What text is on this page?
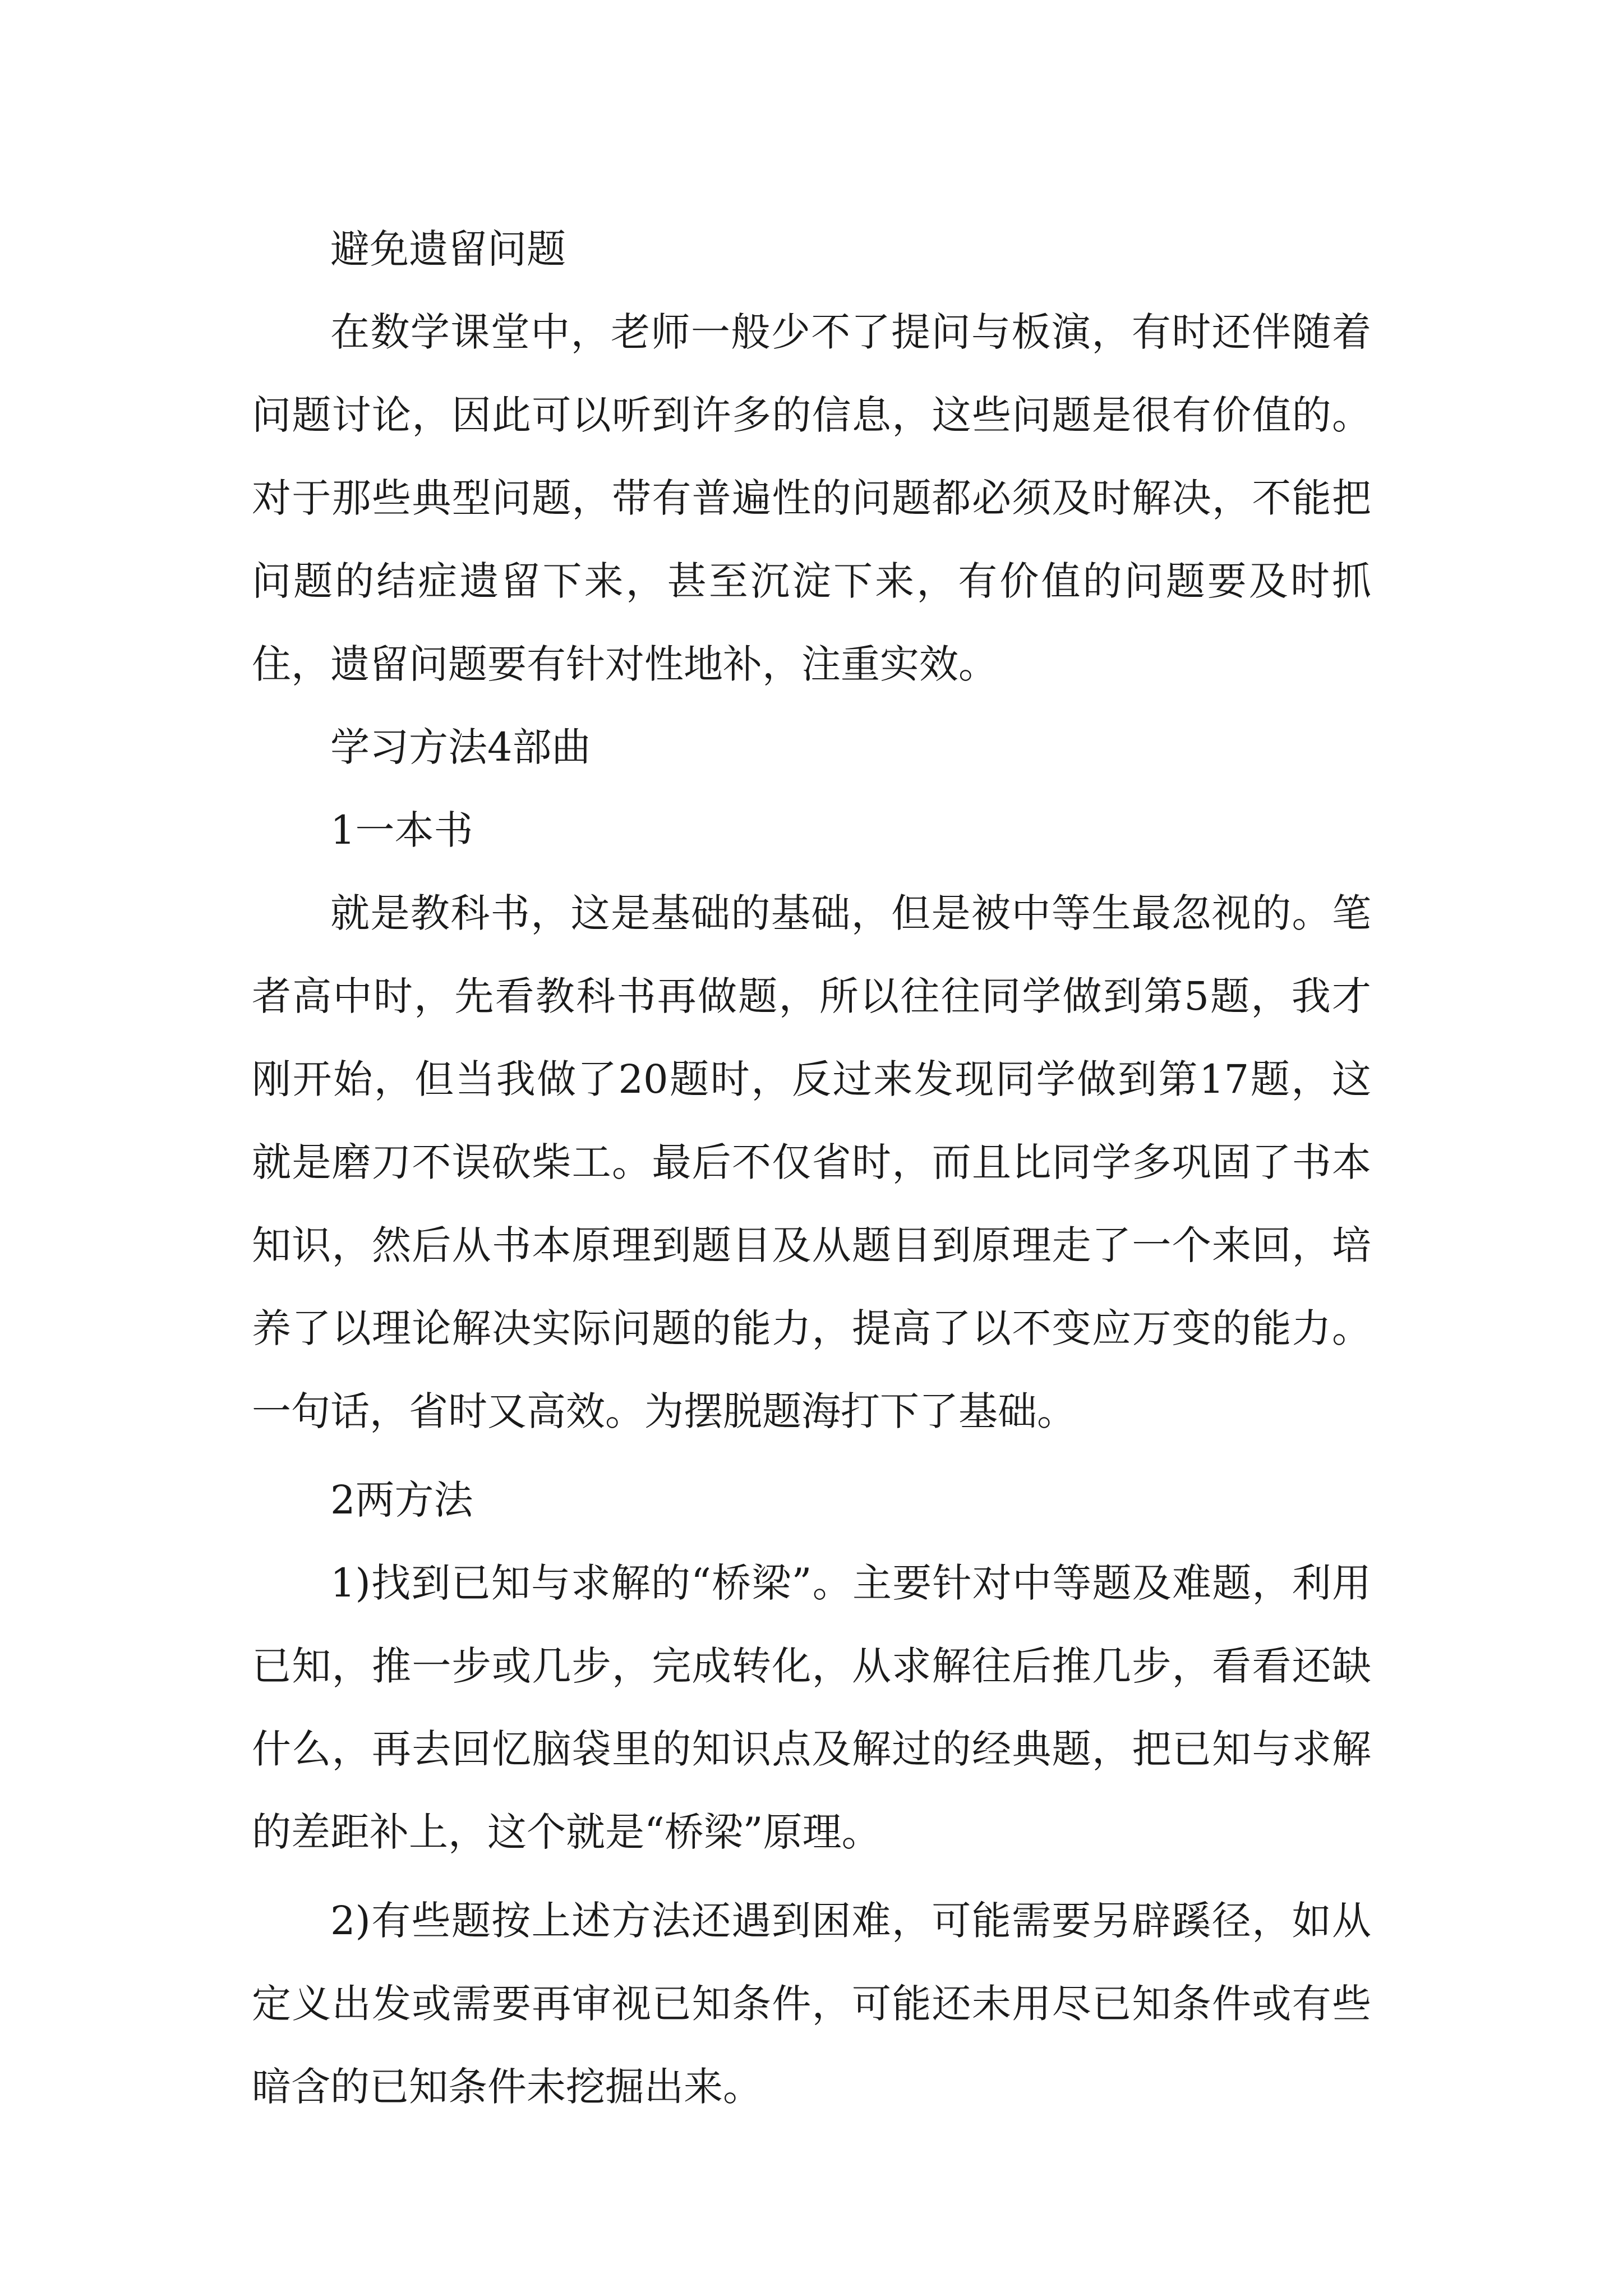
避免遗留问题

在数学课堂中，老师一般少不了提问与板演，有时还伴随着问题讨论，因此可以听到许多的信息，这些问题是很有价值的。对于那些典型问题，带有普遍性的问题都必须及时解决，不能把问题的结症遗留下来，甚至沉淀下来，有价值的问题要及时抓住，遗留问题要有针对性地补，注重实效。

学习方法4部曲

1一本书

就是教科书，这是基础的基础，但是被中等生最忽视的。笔者高中时，先看教科书再做题，所以往往同学做到第5题，我才刚开始，但当我做了20题时，反过来发现同学做到第17题，这就是磨刀不误砍柴工。最后不仅省时，而且比同学多巩固了书本知识，然后从书本原理到题目及从题目到原理走了一个来回，培养了以理论解决实际问题的能力，提高了以不变应万变的能力。一句话，省时又高效。为摆脱题海打下了基础。

2两方法

1)找到已知与求解的“桥梁”。主要针对中等题及难题，利用已知，推一步或几步，完成转化，从求解往后推几步，看看还缺什么，再去回忆脑袋里的知识点及解过的经典题，把已知与求解的差距补上，这个就是“桥梁”原理。

2)有些题按上述方法还遇到困难，可能需要另辟蹊径，如从定义出发或需要再审视已知条件，可能还未用尽已知条件或有些暗含的已知条件未挖掘出来。
